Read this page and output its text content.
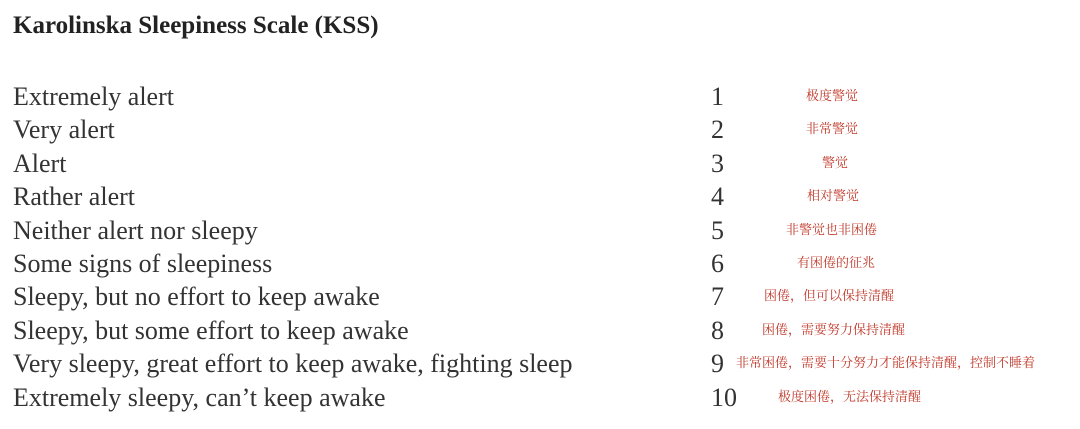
Karolinska Sleepiness Scale (KSS)
Extremely alert	1	极度警觉
Very alert	2	非常警觉
Alert	3	警觉
Rather alert	4	相对警觉
Neither alert nor sleepy	5	非警觉也非困倦
Some signs of sleepiness	6	有困倦的征兆
Sleepy, but no effort to keep awake	7	困倦，但可以保持清醒
Sleepy, but some effort to keep awake	8	困倦，需要努力保持清醒
Very sleepy, great effort to keep awake, fighting sleep	9 非常困倦，需要十分努力才能保持清醒，控制不睡着
Extremely sleepy, can’t keep awake	10	极度困倦，无法保持清醒
